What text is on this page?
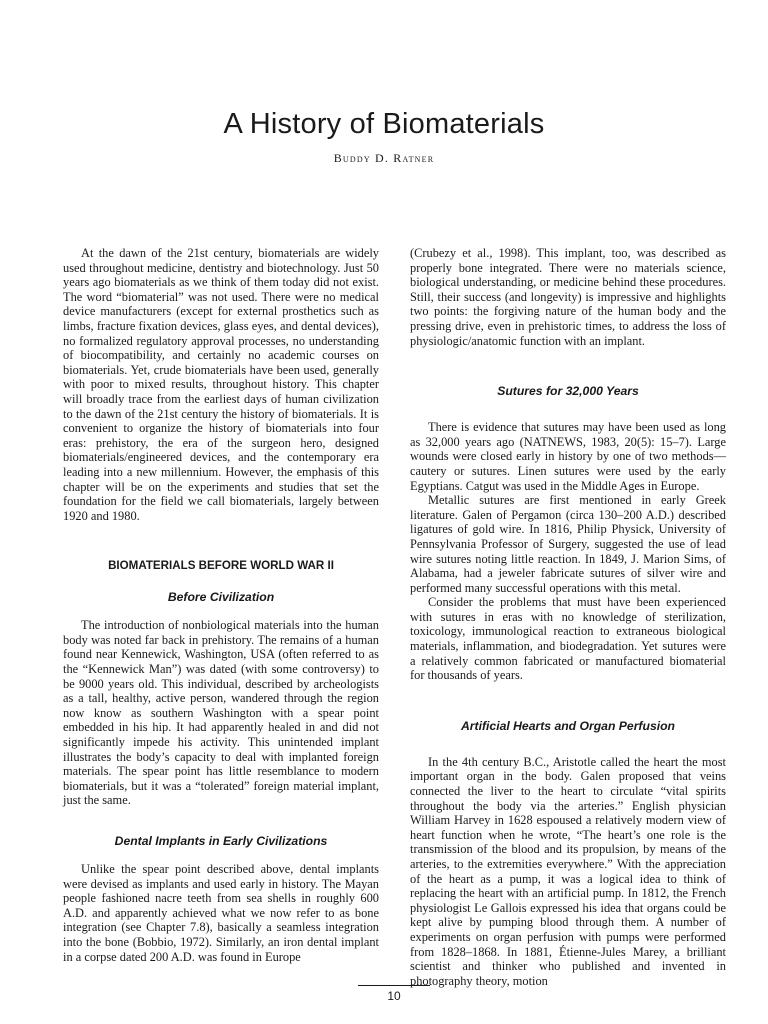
A History of Biomaterials

Buddy D. Ratner

At the dawn of the 21st century, biomaterials are widely used throughout medicine, dentistry and biotechnology. Just 50 years ago biomaterials as we think of them today did not exist. The word “biomaterial” was not used. There were no medical device manufacturers (except for external prosthetics such as limbs, fracture fixation devices, glass eyes, and dental devices), no formalized regulatory approval processes, no understanding of biocompatibility, and certainly no academic courses on biomaterials. Yet, crude biomaterials have been used, generally with poor to mixed results, throughout history. This chapter will broadly trace from the earliest days of human civilization to the dawn of the 21st century the history of biomaterials. It is convenient to organize the history of biomaterials into four eras: prehistory, the era of the surgeon hero, designed biomaterials/engineered devices, and the contemporary era leading into a new millennium. However, the emphasis of this chapter will be on the experiments and studies that set the foundation for the field we call biomaterials, largely between 1920 and 1980.

BIOMATERIALS BEFORE WORLD WAR II
Before Civilization

The introduction of nonbiological materials into the human body was noted far back in prehistory. The remains of a human found near Kennewick, Washington, USA (often referred to as the “Kennewick Man”) was dated (with some controversy) to be 9000 years old. This individual, described by archeologists as a tall, healthy, active person, wandered through the region now know as southern Washington with a spear point embedded in his hip. It had apparently healed in and did not significantly impede his activity. This unintended implant illustrates the body’s capacity to deal with implanted foreign materials. The spear point has little resemblance to modern biomaterials, but it was a “tolerated” foreign material implant, just the same.

Dental Implants in Early Civilizations

Unlike the spear point described above, dental implants were devised as implants and used early in history. The Mayan people fashioned nacre teeth from sea shells in roughly 600 A.D. and apparently achieved what we now refer to as bone integration (see Chapter 7.8), basically a seamless integration into the bone (Bobbio, 1972). Similarly, an iron dental implant in a corpse dated 200 A.D. was found in Europe

(Crubezy et al., 1998). This implant, too, was described as properly bone integrated. There were no materials science, biological understanding, or medicine behind these procedures. Still, their success (and longevity) is impressive and highlights two points: the forgiving nature of the human body and the pressing drive, even in prehistoric times, to address the loss of physiologic/anatomic function with an implant.

Sutures for 32,000 Years

There is evidence that sutures may have been used as long as 32,000 years ago (NATNEWS, 1983, 20(5): 15–7). Large wounds were closed early in history by one of two methods—cautery or sutures. Linen sutures were used by the early Egyptians. Catgut was used in the Middle Ages in Europe.

Metallic sutures are first mentioned in early Greek literature. Galen of Pergamon (circa 130–200 A.D.) described ligatures of gold wire. In 1816, Philip Physick, University of Pennsylvania Professor of Surgery, suggested the use of lead wire sutures noting little reaction. In 1849, J. Marion Sims, of Alabama, had a jeweler fabricate sutures of silver wire and performed many successful operations with this metal.

Consider the problems that must have been experienced with sutures in eras with no knowledge of sterilization, toxicology, immunological reaction to extraneous biological materials, inflammation, and biodegradation. Yet sutures were a relatively common fabricated or manufactured biomaterial for thousands of years.

Artificial Hearts and Organ Perfusion

In the 4th century B.C., Aristotle called the heart the most important organ in the body. Galen proposed that veins connected the liver to the heart to circulate “vital spirits throughout the body via the arteries.” English physician William Harvey in 1628 espoused a relatively modern view of heart function when he wrote, “The heart’s one role is the transmission of the blood and its propulsion, by means of the arteries, to the extremities everywhere.” With the appreciation of the heart as a pump, it was a logical idea to think of replacing the heart with an artificial pump. In 1812, the French physiologist Le Gallois expressed his idea that organs could be kept alive by pumping blood through them. A number of experiments on organ perfusion with pumps were performed from 1828–1868. In 1881, Étienne-Jules Marey, a brilliant scientist and thinker who published and invented in photography theory, motion

10
